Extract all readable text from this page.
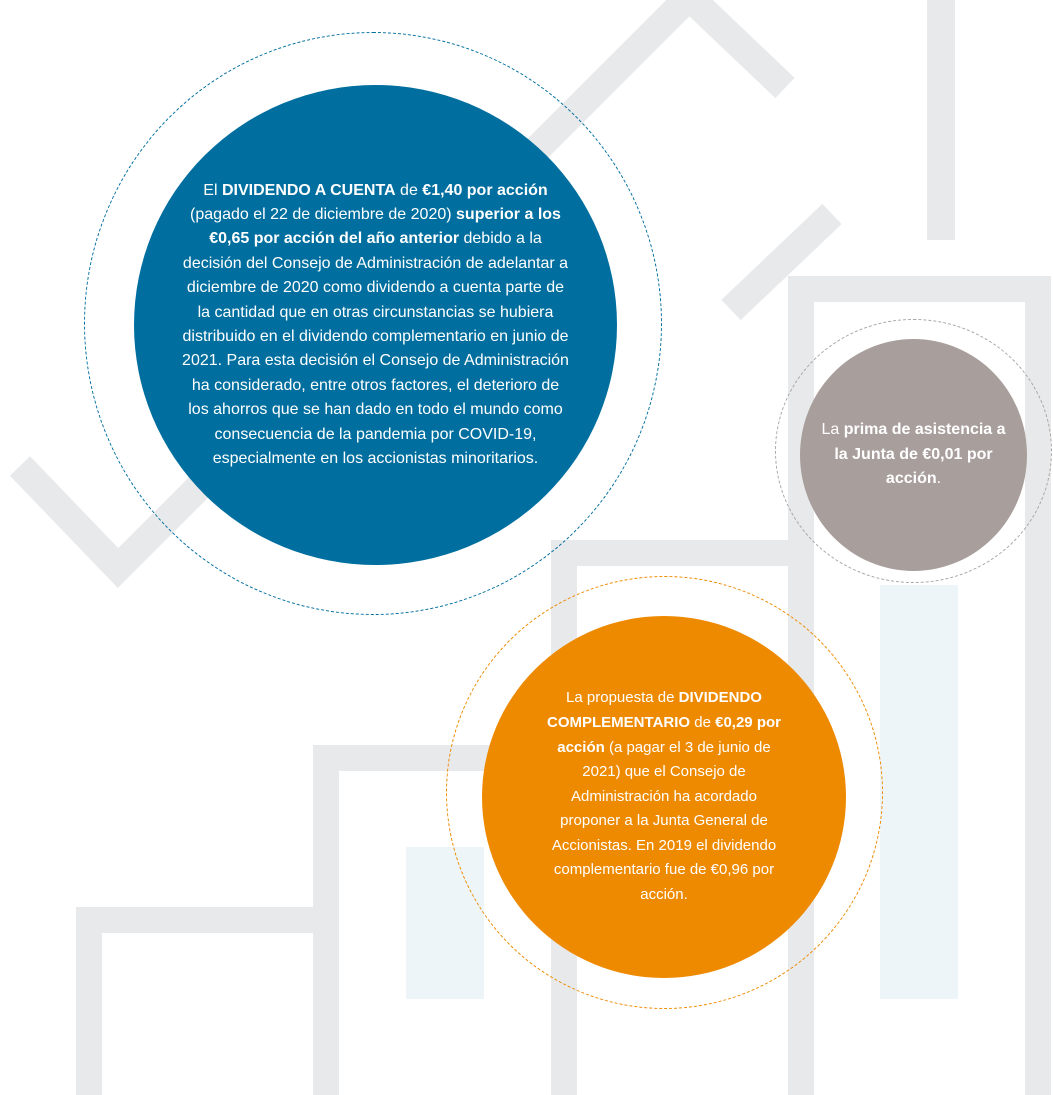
El DIVIDENDO A CUENTA de €1,40 por acción (pagado el 22 de diciembre de 2020) superior a los €0,65 por acción del año anterior debido a la decisión del Consejo de Administración de adelantar a diciembre de 2020 como dividendo a cuenta parte de la cantidad que en otras circunstancias se hubiera distribuido en el dividendo complementario en junio de 2021. Para esta decisión el Consejo de Administración ha considerado, entre otros factores, el deterioro de los ahorros que se han dado en todo el mundo como consecuencia de la pandemia por COVID-19, especialmente en los accionistas minoritarios.

La prima de asistencia a la Junta de €0,01 por acción.

La propuesta de DIVIDENDO COMPLEMENTARIO de €0,29 por acción (a pagar el 3 de junio de 2021) que el Consejo de Administración ha acordado proponer a la Junta General de Accionistas. En 2019 el dividendo complementario fue de €0,96 por acción.
